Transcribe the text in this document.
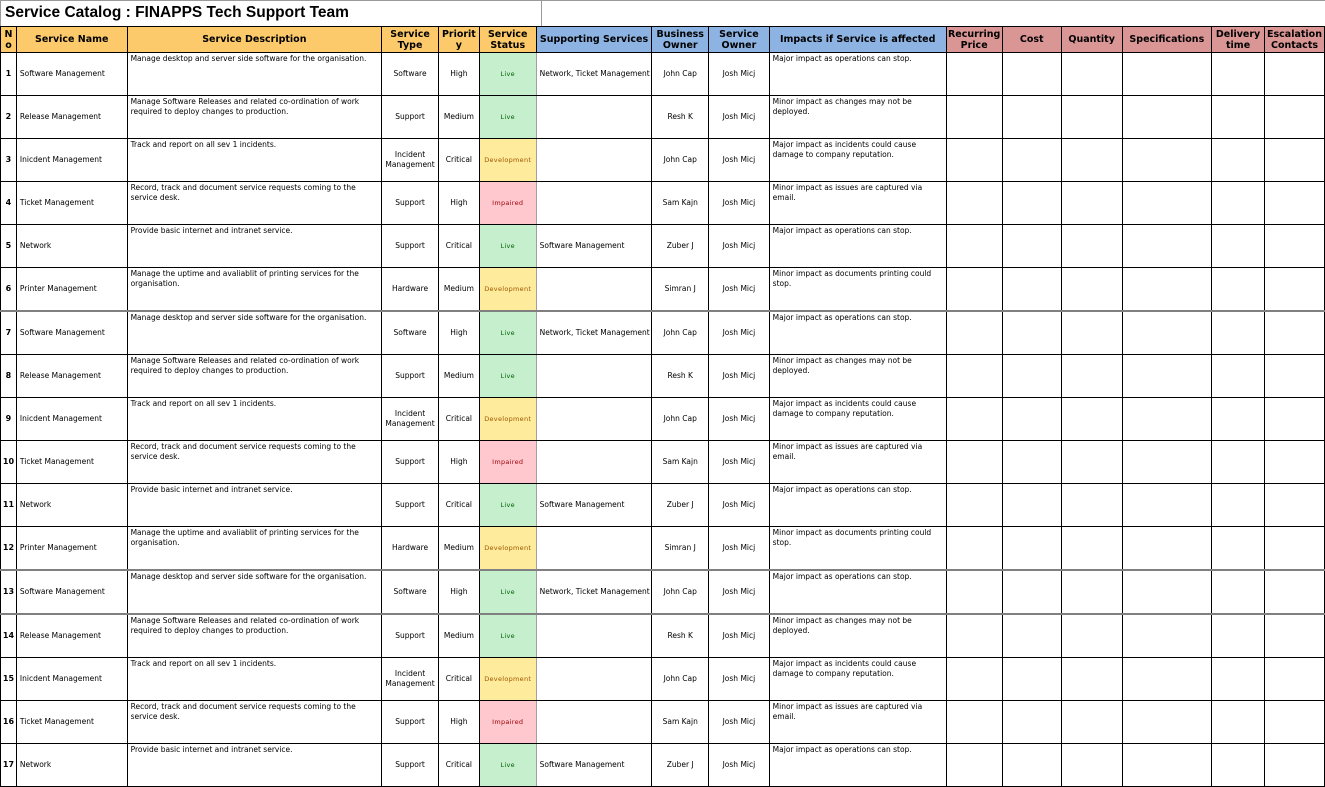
Service Catalog : FINAPPS Tech Support Team
N o	Service Name	Service Description	Service Type	Priorit y	Service Status	Supporting Services	Business Owner	Service Owner	Impacts if Service is affected	Recurring Price	Cost	Quantity	Specifications	Delivery time	Escalation Contacts
1	Software Management	Manage desktop and server side software for the organisation.	Software	High	Live	Network, Ticket Management	John Cap	Josh Micj	Major impact as operations can stop.						
2	Release Management	Manage Software Releases and related co-ordination of work required to deploy changes to production.	Support	Medium	Live		Resh K	Josh Micj	Minor impact as changes may not be deployed.						
3	Inicdent Management	Track and report on all sev 1 incidents.	Incident Management	Critical	Development		John Cap	Josh Micj	Major impact as incidents could cause damage to company reputation.						
4	Ticket Management	Record, track and document service requests coming to the service desk.	Support	High	Impaired		Sam Kajn	Josh Micj	Minor impact as issues are captured via email.						
5	Network	Provide basic internet and intranet service.	Support	Critical	Live	Software Management	Zuber J	Josh Micj	Major impact as operations can stop.						
6	Printer Management	Manage the uptime and avaliablit of printing services for the organisation.	Hardware	Medium	Development		Simran J	Josh Micj	Minor impact as documents printing could stop.						
7	Software Management	Manage desktop and server side software for the organisation.	Software	High	Live	Network, Ticket Management	John Cap	Josh Micj	Major impact as operations can stop.						
8	Release Management	Manage Software Releases and related co-ordination of work required to deploy changes to production.	Support	Medium	Live		Resh K	Josh Micj	Minor impact as changes may not be deployed.						
9	Inicdent Management	Track and report on all sev 1 incidents.	Incident Management	Critical	Development		John Cap	Josh Micj	Major impact as incidents could cause damage to company reputation.						
10	Ticket Management	Record, track and document service requests coming to the service desk.	Support	High	Impaired		Sam Kajn	Josh Micj	Minor impact as issues are captured via email.						
11	Network	Provide basic internet and intranet service.	Support	Critical	Live	Software Management	Zuber J	Josh Micj	Major impact as operations can stop.						
12	Printer Management	Manage the uptime and avaliablit of printing services for the organisation.	Hardware	Medium	Development		Simran J	Josh Micj	Minor impact as documents printing could stop.						
13	Software Management	Manage desktop and server side software for the organisation.	Software	High	Live	Network, Ticket Management	John Cap	Josh Micj	Major impact as operations can stop.						
14	Release Management	Manage Software Releases and related co-ordination of work required to deploy changes to production.	Support	Medium	Live		Resh K	Josh Micj	Minor impact as changes may not be deployed.						
15	Inicdent Management	Track and report on all sev 1 incidents.	Incident Management	Critical	Development		John Cap	Josh Micj	Major impact as incidents could cause damage to company reputation.						
16	Ticket Management	Record, track and document service requests coming to the service desk.	Support	High	Impaired		Sam Kajn	Josh Micj	Minor impact as issues are captured via email.						
17	Network	Provide basic internet and intranet service.	Support	Critical	Live	Software Management	Zuber J	Josh Micj	Major impact as operations can stop.						
